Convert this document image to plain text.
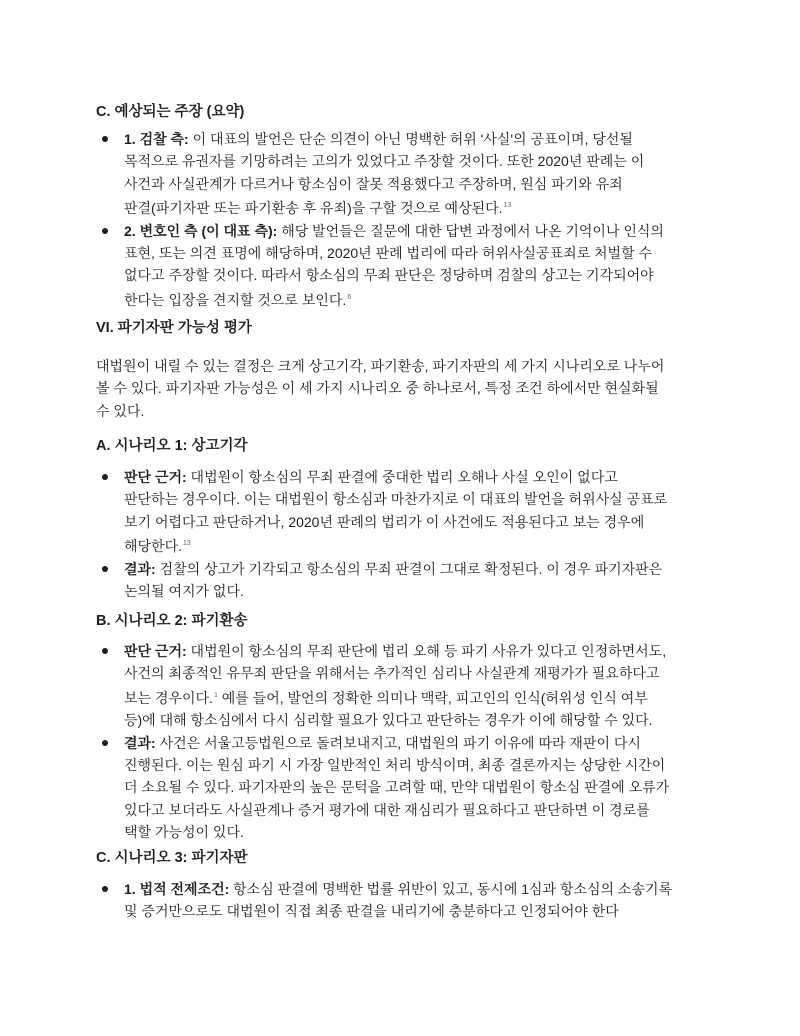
C. 예상되는 주장 (요약)
1. 검찰 측: 이 대표의 발언은 단순 의견이 아닌 명백한 허위 '사실'의 공표이며, 당선될
목적으로 유권자를 기망하려는 고의가 있었다고 주장할 것이다. 또한 2020년 판례는 이
사건과 사실관계가 다르거나 항소심이 잘못 적용했다고 주장하며, 원심 파기와 유죄
판결(파기자판 또는 파기환송 후 유죄)을 구할 것으로 예상된다.$^{13}$
2. 변호인 측 (이 대표 측): 해당 발언들은 질문에 대한 답변 과정에서 나온 기억이나 인식의
표현, 또는 의견 표명에 해당하며, 2020년 판례 법리에 따라 허위사실공표죄로 처벌할 수
없다고 주장할 것이다. 따라서 항소심의 무죄 판단은 정당하며 검찰의 상고는 기각되어야
한다는 입장을 견지할 것으로 보인다.$^6$
VI. 파기자판 가능성 평가
대법원이 내릴 수 있는 결정은 크게 상고기각, 파기환송, 파기자판의 세 가지 시나리오로 나누어
볼 수 있다. 파기자판 가능성은 이 세 가지 시나리오 중 하나로서, 특정 조건 하에서만 현실화될
수 있다.
A. 시나리오 1: 상고기각
판단 근거: 대법원이 항소심의 무죄 판결에 중대한 법리 오해나 사실 오인이 없다고
판단하는 경우이다. 이는 대법원이 항소심과 마찬가지로 이 대표의 발언을 허위사실 공표로
보기 어렵다고 판단하거나, 2020년 판례의 법리가 이 사건에도 적용된다고 보는 경우에
해당한다.$^{13}$
결과: 검찰의 상고가 기각되고 항소심의 무죄 판결이 그대로 확정된다. 이 경우 파기자판은
논의될 여지가 없다.
B. 시나리오 2: 파기환송
판단 근거: 대법원이 항소심의 무죄 판단에 법리 오해 등 파기 사유가 있다고 인정하면서도,
사건의 최종적인 유무죄 판단을 위해서는 추가적인 심리나 사실관계 재평가가 필요하다고
보는 경우이다.$^1$ 예를 들어, 발언의 정확한 의미나 맥락, 피고인의 인식(허위성 인식 여부
등)에 대해 항소심에서 다시 심리할 필요가 있다고 판단하는 경우가 이에 해당할 수 있다.
결과: 사건은 서울고등법원으로 돌려보내지고, 대법원의 파기 이유에 따라 재판이 다시
진행된다. 이는 원심 파기 시 가장 일반적인 처리 방식이며, 최종 결론까지는 상당한 시간이
더 소요될 수 있다. 파기자판의 높은 문턱을 고려할 때, 만약 대법원이 항소심 판결에 오류가
있다고 보더라도 사실관계나 증거 평가에 대한 재심리가 필요하다고 판단하면 이 경로를
택할 가능성이 있다.
C. 시나리오 3: 파기자판
1. 법적 전제조건: 항소심 판결에 명백한 법률 위반이 있고, 동시에 1심과 항소심의 소송기록
및 증거만으로도 대법원이 직접 최종 판결을 내리기에 충분하다고 인정되어야 한다
